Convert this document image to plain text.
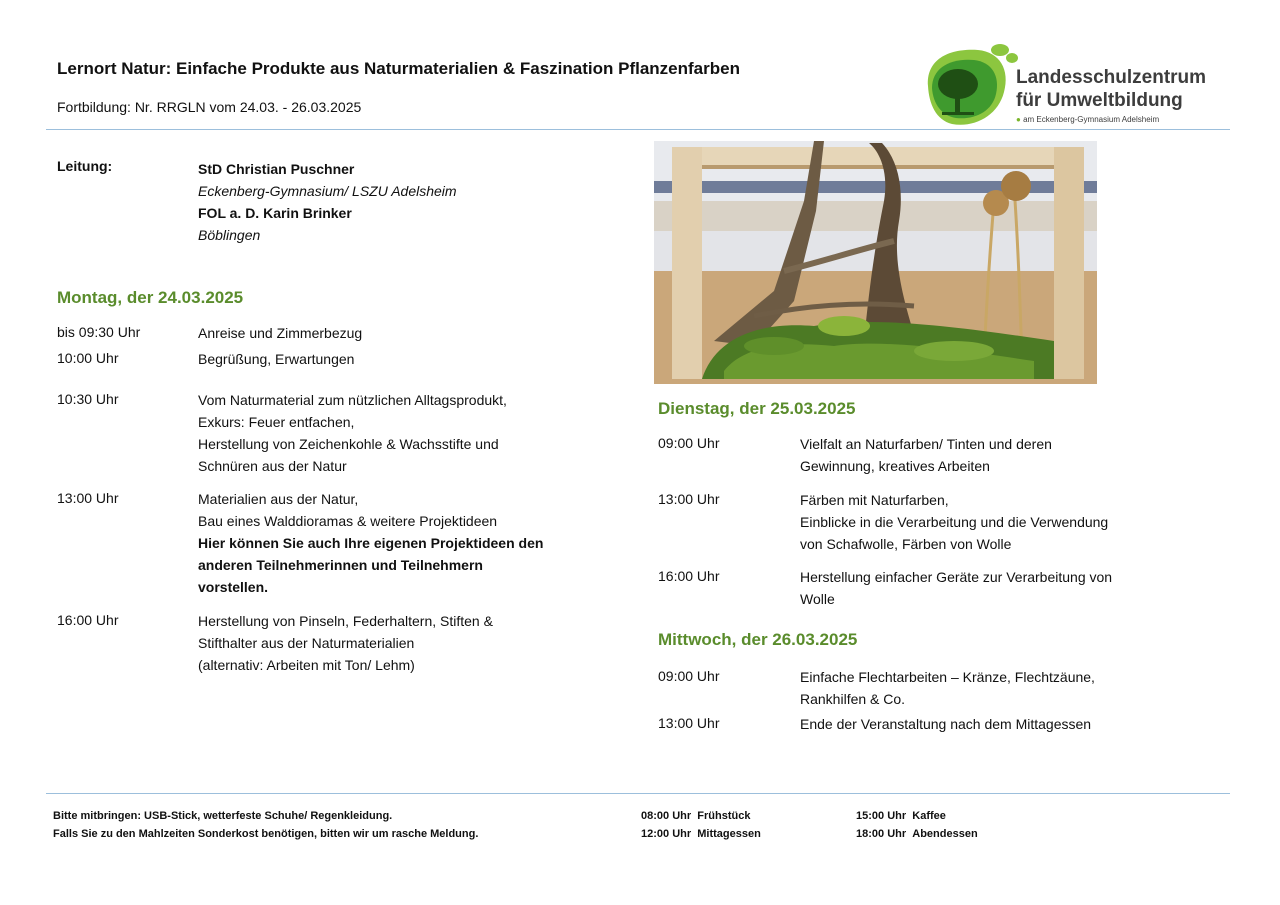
Lernort Natur: Einfache Produkte aus Naturmaterialien & Faszination Pflanzenfarben
Fortbildung: Nr. RRGLN vom 24.03. - 26.03.2025
Landesschulzentrum
für Umweltbildung
● am Eckenberg-Gymnasium Adelsheim
Leitung:	StD Christian Puschner
Eckenberg-Gymnasium/ LSZU Adelsheim
FOL a. D. Karin Brinker
Böblingen
Montag, der 24.03.2025
bis 09:30 Uhr	Anreise und Zimmerbezug
10:00 Uhr	Begrüßung, Erwartungen
10:30 Uhr	Vom Naturmaterial zum nützlichen Alltagsprodukt,
Exkurs: Feuer entfachen,
Herstellung von Zeichenkohle & Wachsstifte und
Schnüren aus der Natur
13:00 Uhr	Materialien aus der Natur,
Bau eines Walddioramas & weitere Projektideen
Hier können Sie auch Ihre eigenen Projektideen den
anderen Teilnehmerinnen und Teilnehmern
vorstellen.
16:00 Uhr	Herstellung von Pinseln, Federhaltern, Stiften &
Stifthalter aus der Naturmaterialien
(alternativ: Arbeiten mit Ton/ Lehm)
Dienstag, der 25.03.2025
09:00 Uhr	Vielfalt an Naturfarben/ Tinten und deren
Gewinnung, kreatives Arbeiten
13:00 Uhr	Färben mit Naturfarben,
Einblicke in die Verarbeitung und die Verwendung
von Schafwolle, Färben von Wolle
16:00 Uhr	Herstellung einfacher Geräte zur Verarbeitung von
Wolle
Mittwoch, der 26.03.2025
09:00 Uhr	Einfache Flechtarbeiten – Kränze, Flechtzäune,
Rankhilfen & Co.
13:00 Uhr	Ende der Veranstaltung nach dem Mittagessen
Bitte mitbringen: USB-Stick, wetterfeste Schuhe/ Regenkleidung.
Falls Sie zu den Mahlzeiten Sonderkost benötigen, bitten wir um rasche Meldung.
08:00 Uhr Frühstück
12:00 Uhr Mittagessen
15:00 Uhr Kaffee
18:00 Uhr Abendessen
